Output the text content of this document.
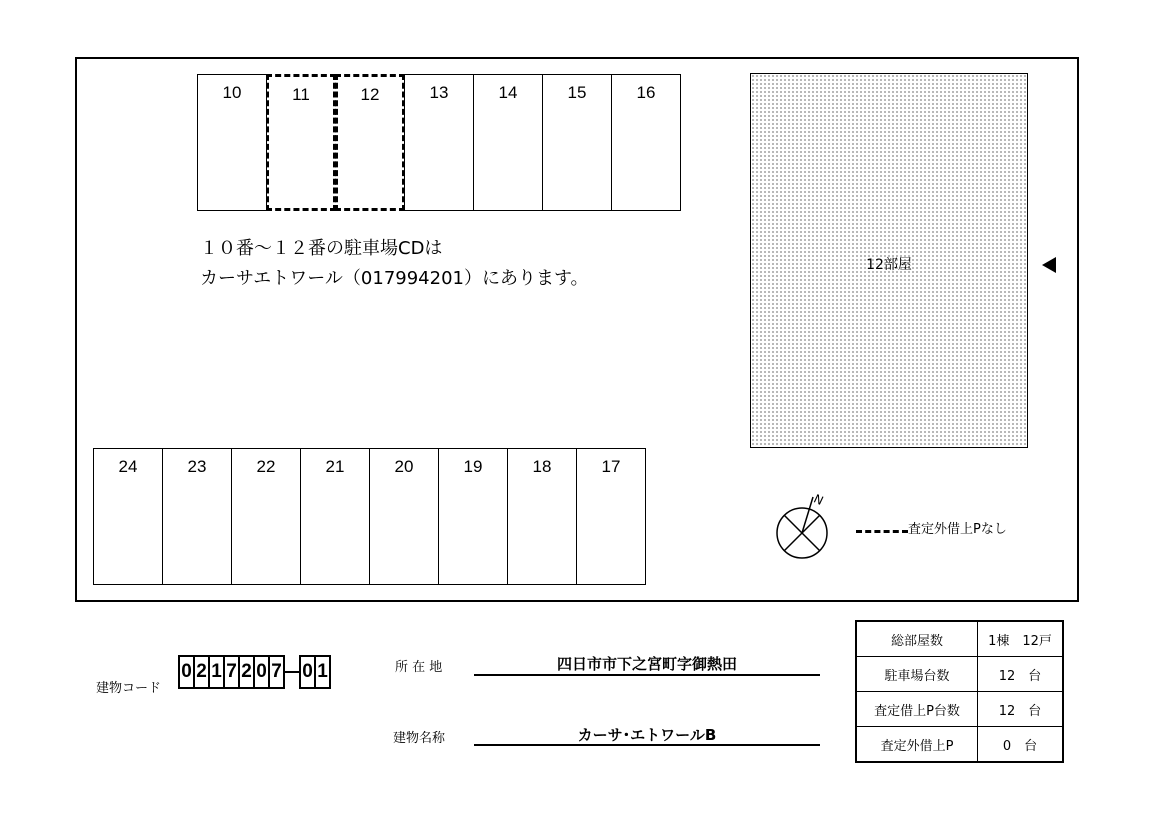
10	11	12	13	14	15	16
24	23	22	21	20	19	18	17
１０番～１２番の駐車場CDは
カーサエトワール（017994201）にあります。
12部屋
N
査定外借上Pなし
建物コード
0 2 1 7 2 0 7 0 1	所 在 地	四日市市下之宮町字御熱田
建物名称	カーサ･エトワールB
総部屋数	1棟　12戸
駐車場台数	12　台
査定借上P台数	12　台
査定外借上P	0　台
